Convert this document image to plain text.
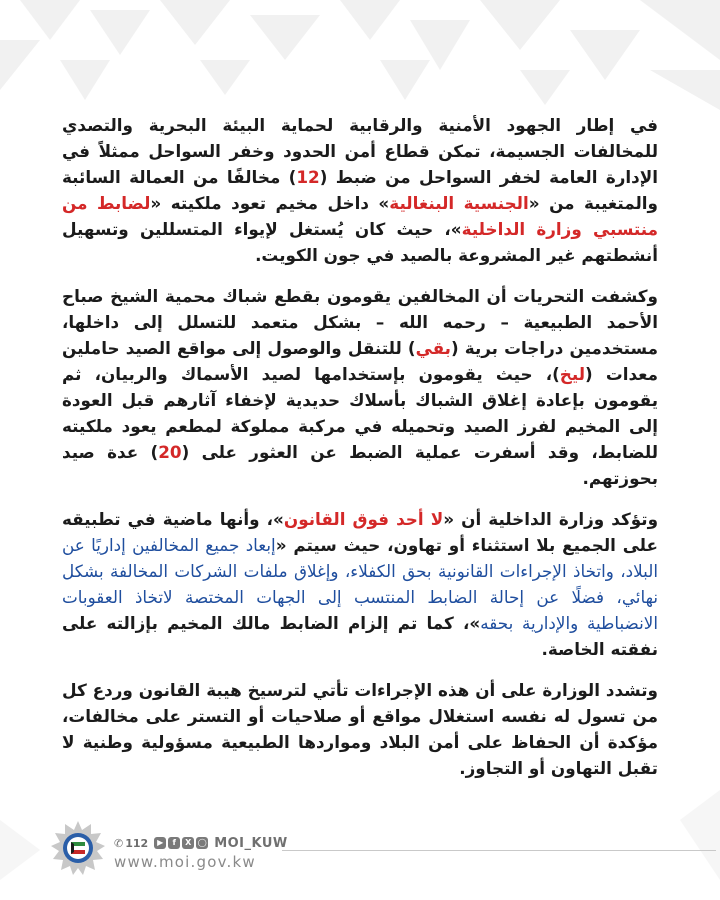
في إطار الجهود الأمنية والرقابية لحماية البيئة البحرية والتصدي للمخالفات الجسيمة، تمكن قطاع أمن الحدود وخفر السواحل ممثلاً في الإدارة العامة لخفر السواحل من ضبط (12) مخالفًا من العمالة السائبة والمتغيبة من «الجنسية البنغالية» داخل مخيم تعود ملكيته «لضابط من منتسبي وزارة الداخلية»، حيث كان يُستغل لإيواء المتسللين وتسهيل أنشطتهم غير المشروعة بالصيد في جون الكويت.

وكشفت التحريات أن المخالفين يقومون بقطع شباك محمية الشيخ صباح الأحمد الطبيعية – رحمه الله – بشكل متعمد للتسلل إلى داخلها، مستخدمين دراجات برية (بقي) للتنقل والوصول إلى مواقع الصيد حاملين معدات (ليخ)، حيث يقومون بإستخدامها لصيد الأسماك والربيان، ثم يقومون بإعادة إغلاق الشباك بأسلاك حديدية لإخفاء آثارهم قبل العودة إلى المخيم لفرز الصيد وتحميله في مركبة مملوكة لمطعم يعود ملكيته للضابط، وقد أسفرت عملية الضبط عن العثور على (20) عدة صيد بحوزتهم.

وتؤكد وزارة الداخلية أن «لا أحد فوق القانون»، وأنها ماضية في تطبيقه على الجميع بلا استثناء أو تهاون، حيث سيتم «إبعاد جميع المخالفين إداريًا عن البلاد، واتخاذ الإجراءات القانونية بحق الكفلاء، وإغلاق ملفات الشركات المخالفة بشكل نهائي، فضلًا عن إحالة الضابط المنتسب إلى الجهات المختصة لاتخاذ العقوبات الانضباطية والإدارية بحقه»، كما تم إلزام الضابط مالك المخيم بإزالته على نفقته الخاصة.

وتشدد الوزارة على أن هذه الإجراءات تأتي لترسيخ هيبة القانون وردع كل من تسول له نفسه استغلال مواقع أو صلاحيات أو التستر على مخالفات، مؤكدة أن الحفاظ على أمن البلاد ومواردها الطبيعية مسؤولية وطنية لا تقبل التهاون أو التجاوز.

✆ 112	▶	f	X ◯ MOI_KUW
www.moi.gov.kw
